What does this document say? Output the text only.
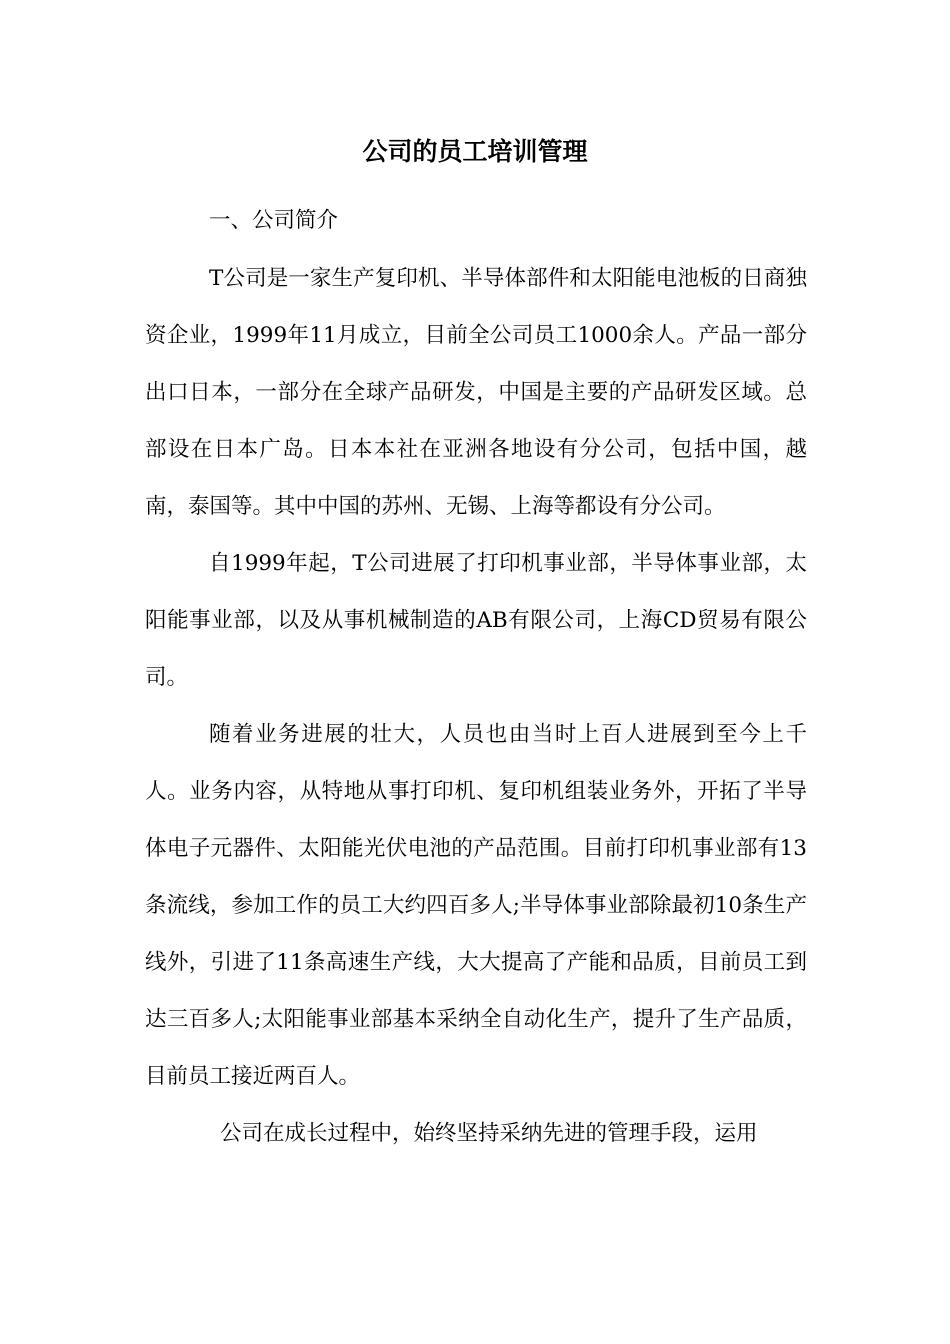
公司的员工培训管理

一、公司简介

T公司是一家生产复印机、半导体部件和太阳能电池板的日商独资企业，1999年11月成立，目前全公司员工1000余人。产品一部分出口日本，一部分在全球产品研发，中国是主要的产品研发区域。总部设在日本广岛。日本本社在亚洲各地设有分公司，包括中国，越南，泰国等。其中中国的苏州、无锡、上海等都设有分公司。

自1999年起，T公司进展了打印机事业部，半导体事业部，太阳能事业部，以及从事机械制造的AB有限公司，上海CD贸易有限公司。

随着业务进展的壮大，人员也由当时上百人进展到至今上千人。业务内容，从特地从事打印机、复印机组装业务外，开拓了半导体电子元器件、太阳能光伏电池的产品范围。目前打印机事业部有13条流线，参加工作的员工大约四百多人;半导体事业部除最初10条生产线外，引进了11条高速生产线，大大提高了产能和品质，目前员工到达三百多人;太阳能事业部基本采纳全自动化生产，提升了生产品质，目前员工接近两百人。

公司在成长过程中，始终坚持采纳先进的管理手段，运用
